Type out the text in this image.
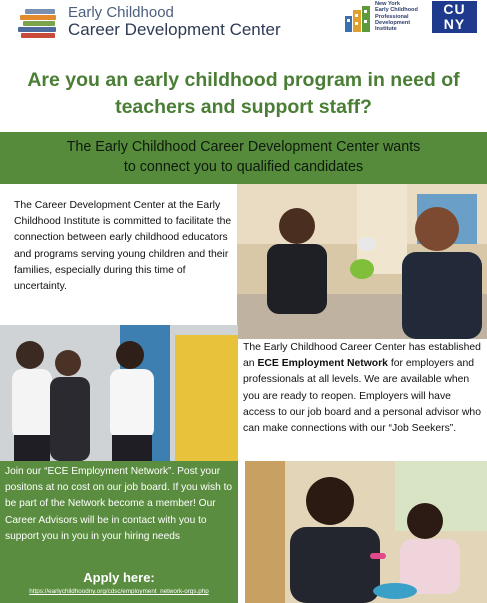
Early Childhood
Career Development Center
New York
Early Childhood
Professional
Development
Institute
CU
NY
Are you an early childhood program in need of teachers and support staff?
The Early Childhood Career Development Center wants
to connect you to qualified candidates
The Career Development Center at the Early Childhood Institute is committed to facilitate the connection between early childhood educators and programs serving young children and their families, especially during this time of uncertainty.
The Early Childhood Career Center has established an ECE Employment Network for employers and professionals at all levels. We are available when you are ready to reopen. Employers will have access to our job board and a personal advisor who can make connections with our “Job Seekers”.
Join our “ECE Employment Network”. Post your positons at no cost on our job board. If you wish to be part of the Network become a member! Our Career Advisors will be in contact with you to support you in you in your hiring needs
Apply here:
https://earlychildhoodny.org/cdsc/employment_network-orgs.php
